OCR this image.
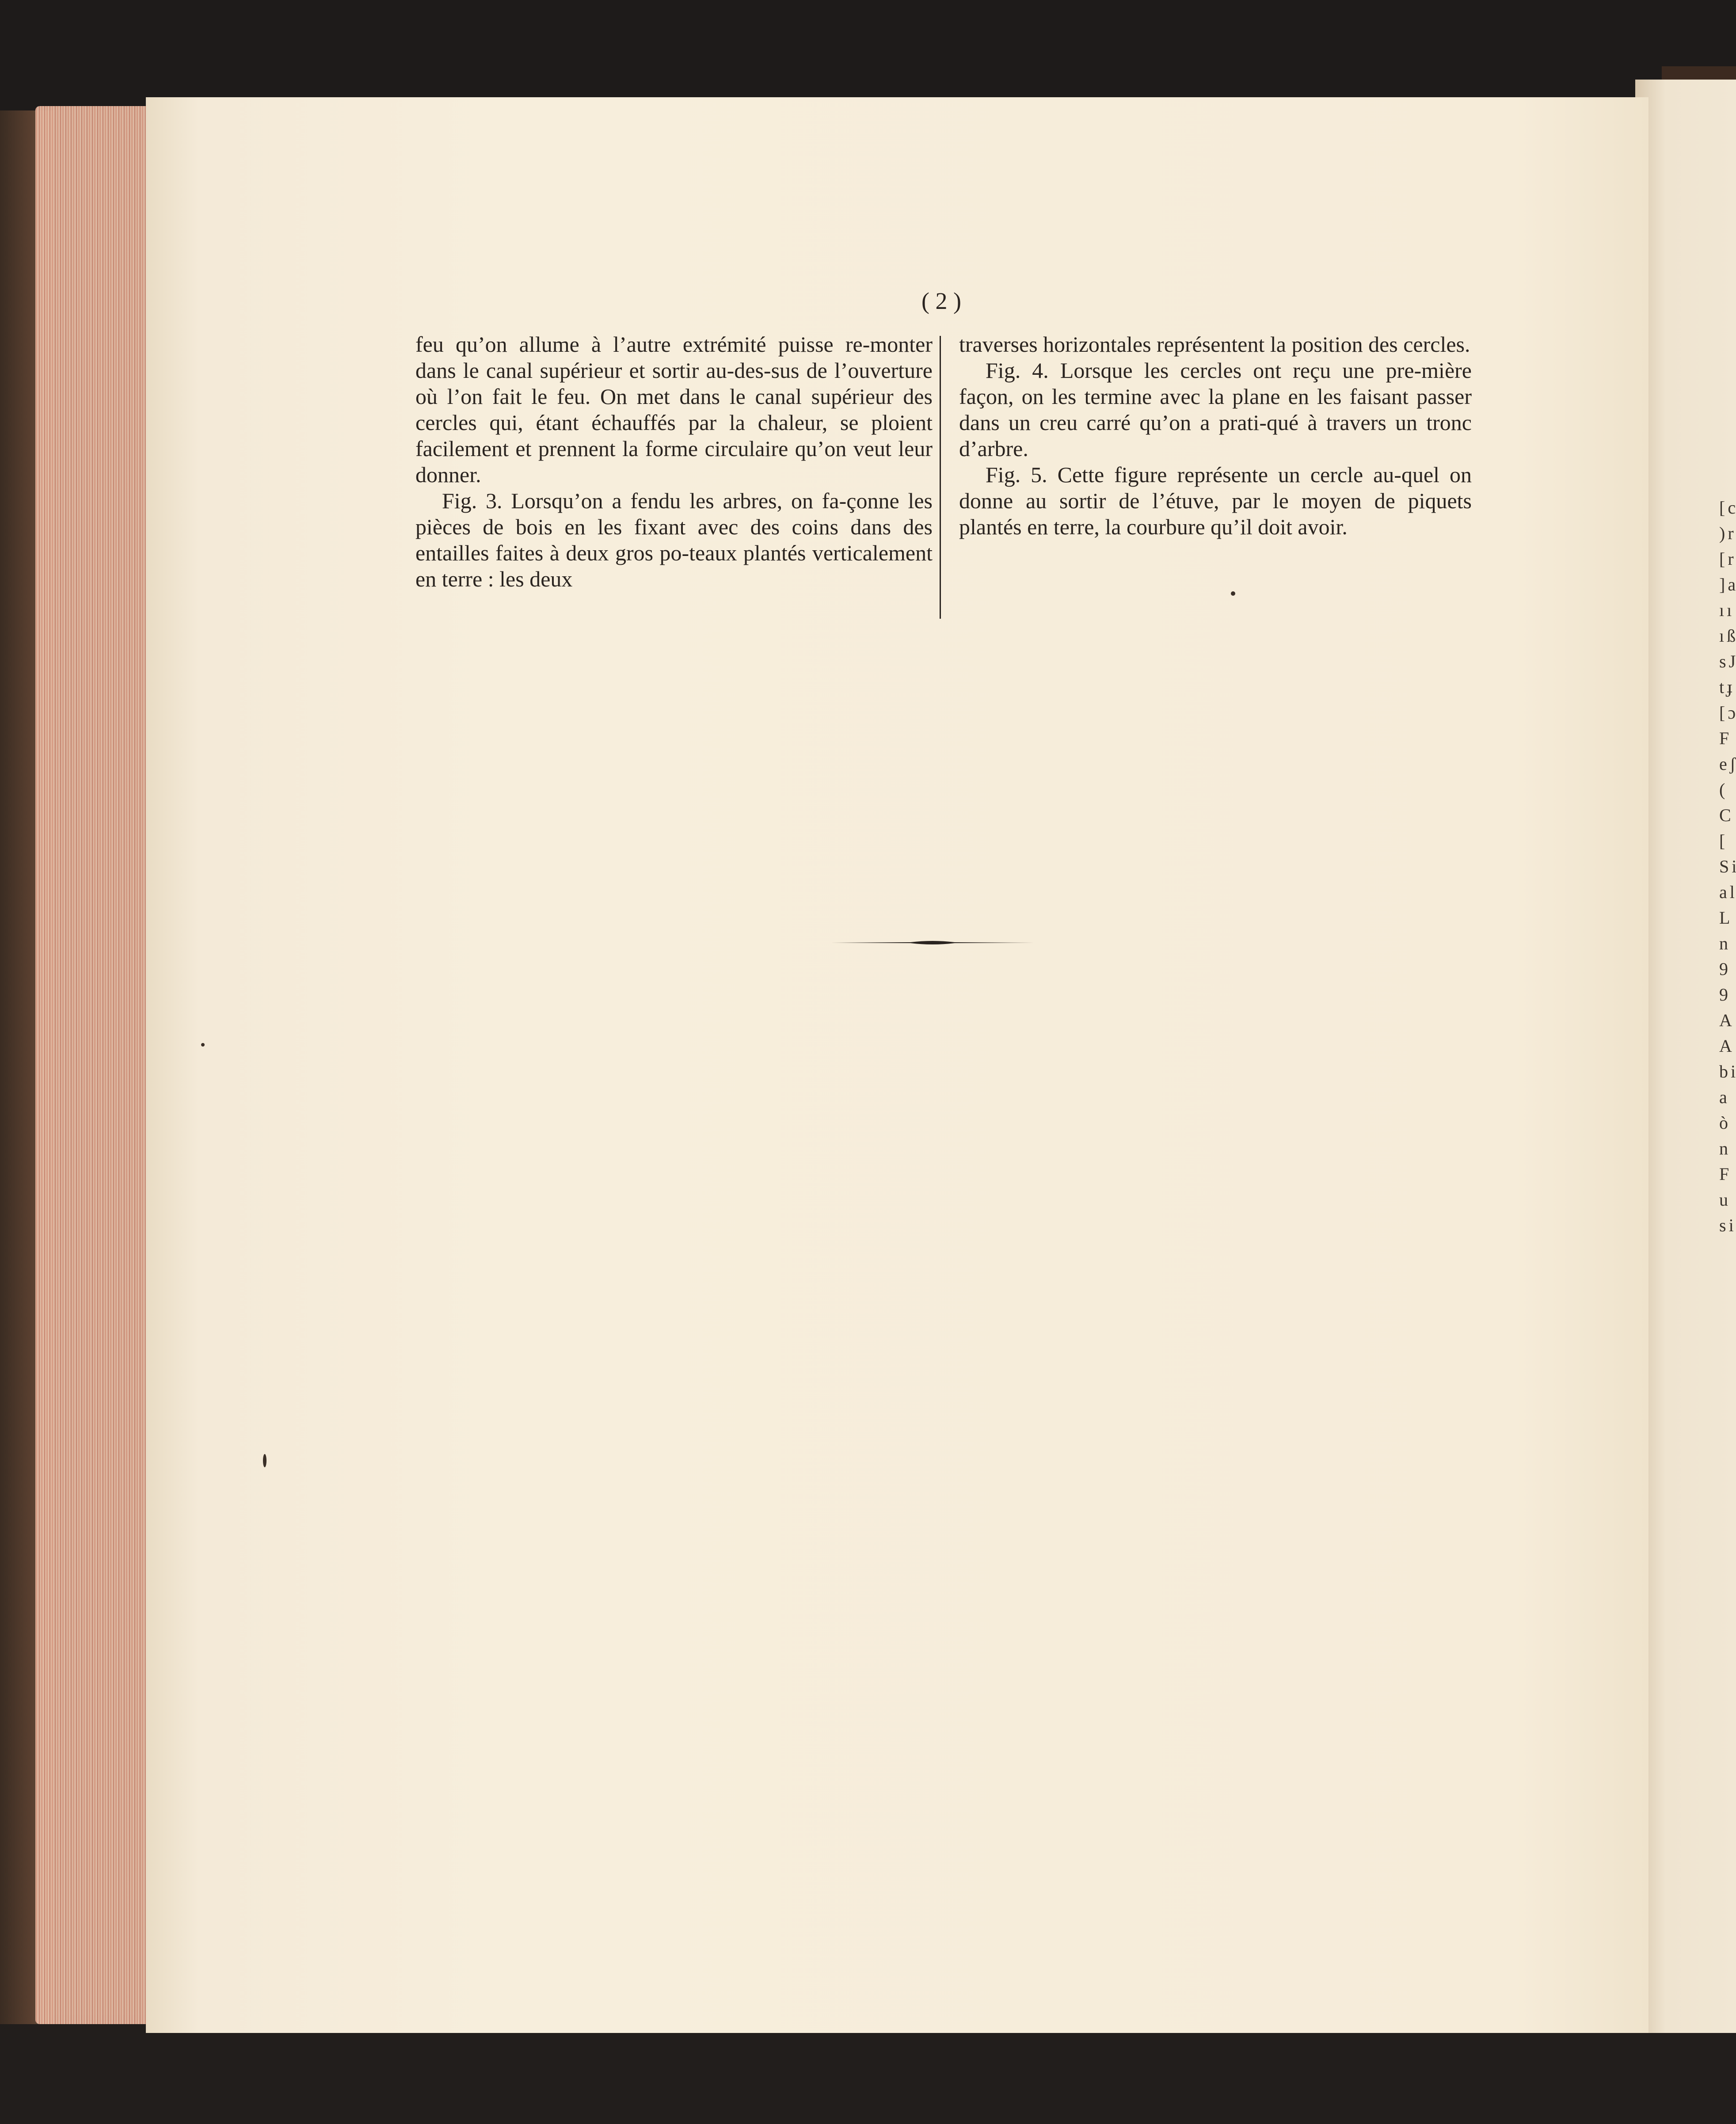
[ c ) r [ r ] a ı ı ı ß s J t ɟ [ ɔ F e ʃ ( C [ S i a l L n 9 9 A A b i a ò n F u s i
( 2 )

feu qu’on allume à l’autre extrémité puisse re-monter dans le canal supérieur et sortir au-des-sus de l’ouverture où l’on fait le feu. On met dans le canal supérieur des cercles qui, étant échauffés par la chaleur, se ploient facilement et prennent la forme circulaire qu’on veut leur donner.

Fig. 3. Lorsqu’on a fendu les arbres, on fa-çonne les pièces de bois en les fixant avec des coins dans des entailles faites à deux gros po-teaux plantés verticalement en terre : les deux

traverses horizontales représentent la position des cercles.

Fig. 4. Lorsque les cercles ont reçu une pre-mière façon, on les termine avec la plane en les faisant passer dans un creu carré qu’on a prati-qué à travers un tronc d’arbre.

Fig. 5. Cette figure représente un cercle au-quel on donne au sortir de l’étuve, par le moyen de piquets plantés en terre, la courbure qu’il doit avoir.
